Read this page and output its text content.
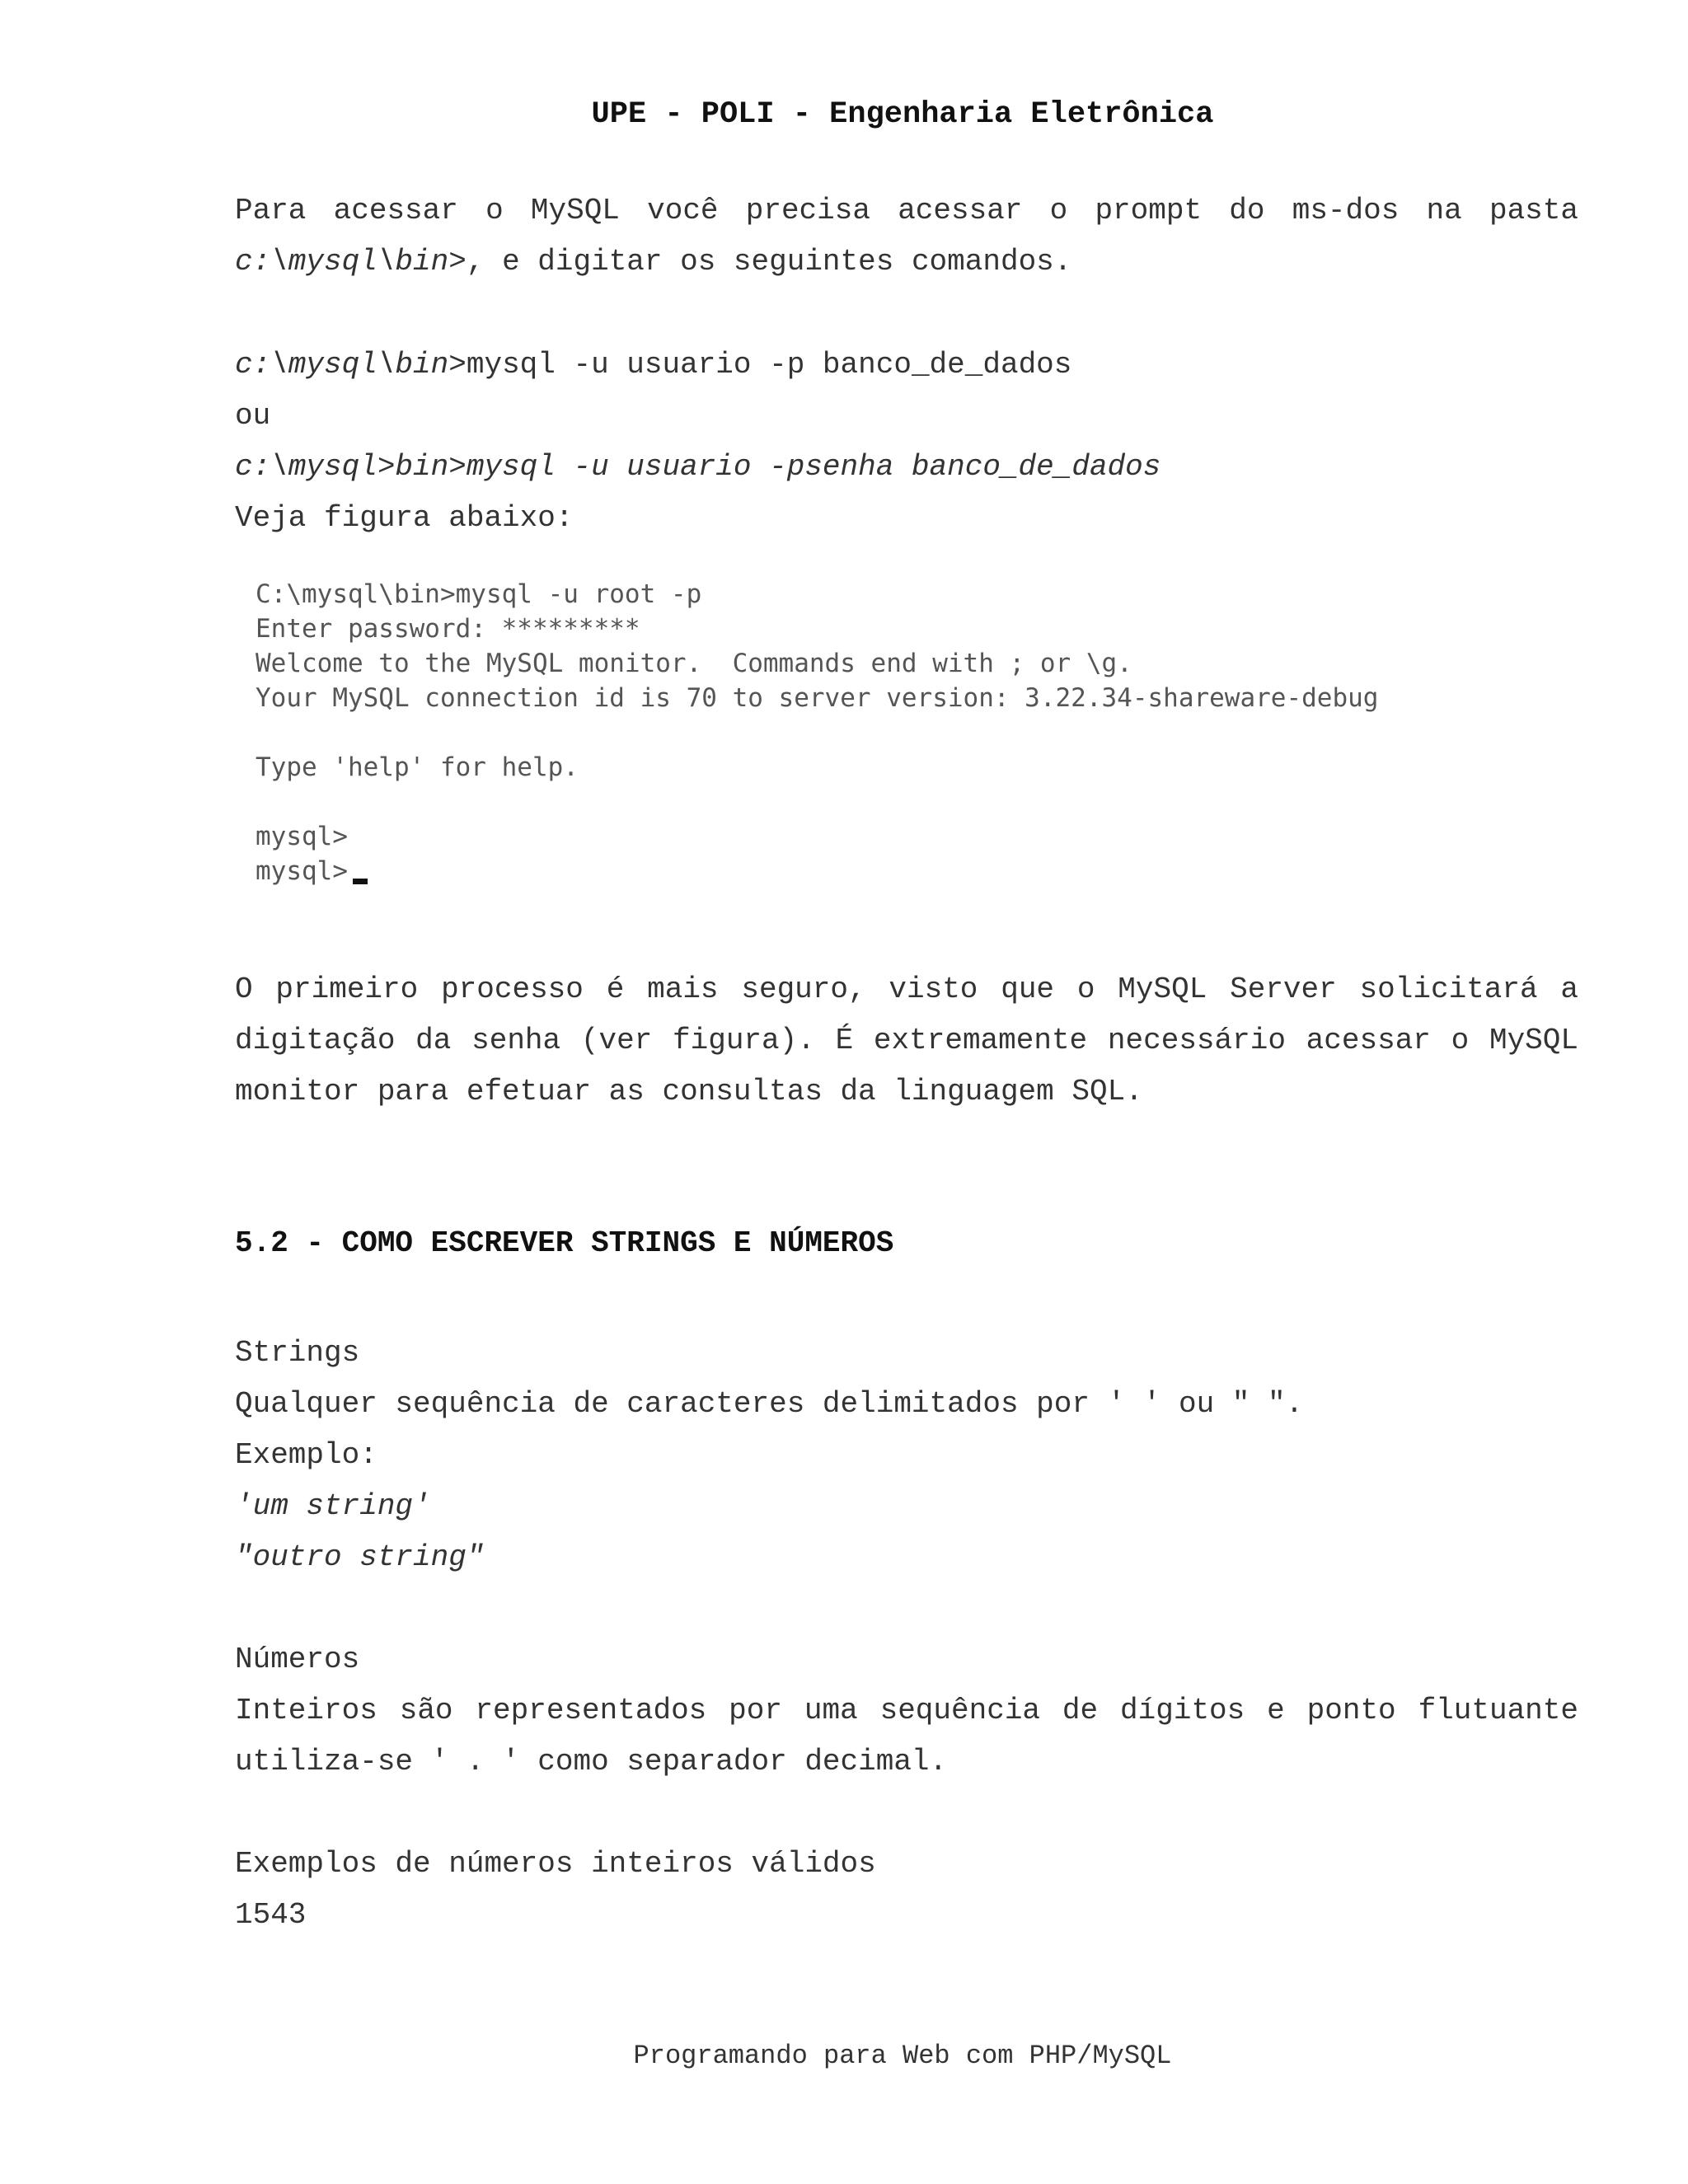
UPE - POLI - Engenharia Eletrônica
Para acessar o MySQL você precisa acessar o prompt do ms-dos na pasta
c:\mysql\bin>, e digitar os seguintes comandos.
c:\mysql\bin>mysql -u usuario -p banco_de_dados
ou
c:\mysql>bin>mysql -u usuario -psenha banco_de_dados
Veja figura abaixo:
C:\mysql\bin>mysql -u root -p
Enter password: *********
Welcome to the MySQL monitor.  Commands end with ; or \g.
Your MySQL connection id is 70 to server version: 3.22.34-shareware-debug
Type 'help' for help.
mysql>
mysql>
O primeiro processo é mais seguro, visto que o MySQL Server solicitará a
digitação da senha (ver figura). É extremamente necessário acessar o MySQL
monitor para efetuar as consultas da linguagem SQL.
5.2 - COMO ESCREVER STRINGS E NÚMEROS
Strings
Qualquer sequência de caracteres delimitados por ' ' ou " ".
Exemplo:
'um string'
"outro string"
Números
Inteiros são representados por uma sequência de dígitos e ponto flutuante
utiliza-se ' . ' como separador decimal.
Exemplos de números inteiros válidos
1543
Programando para Web com PHP/MySQL
